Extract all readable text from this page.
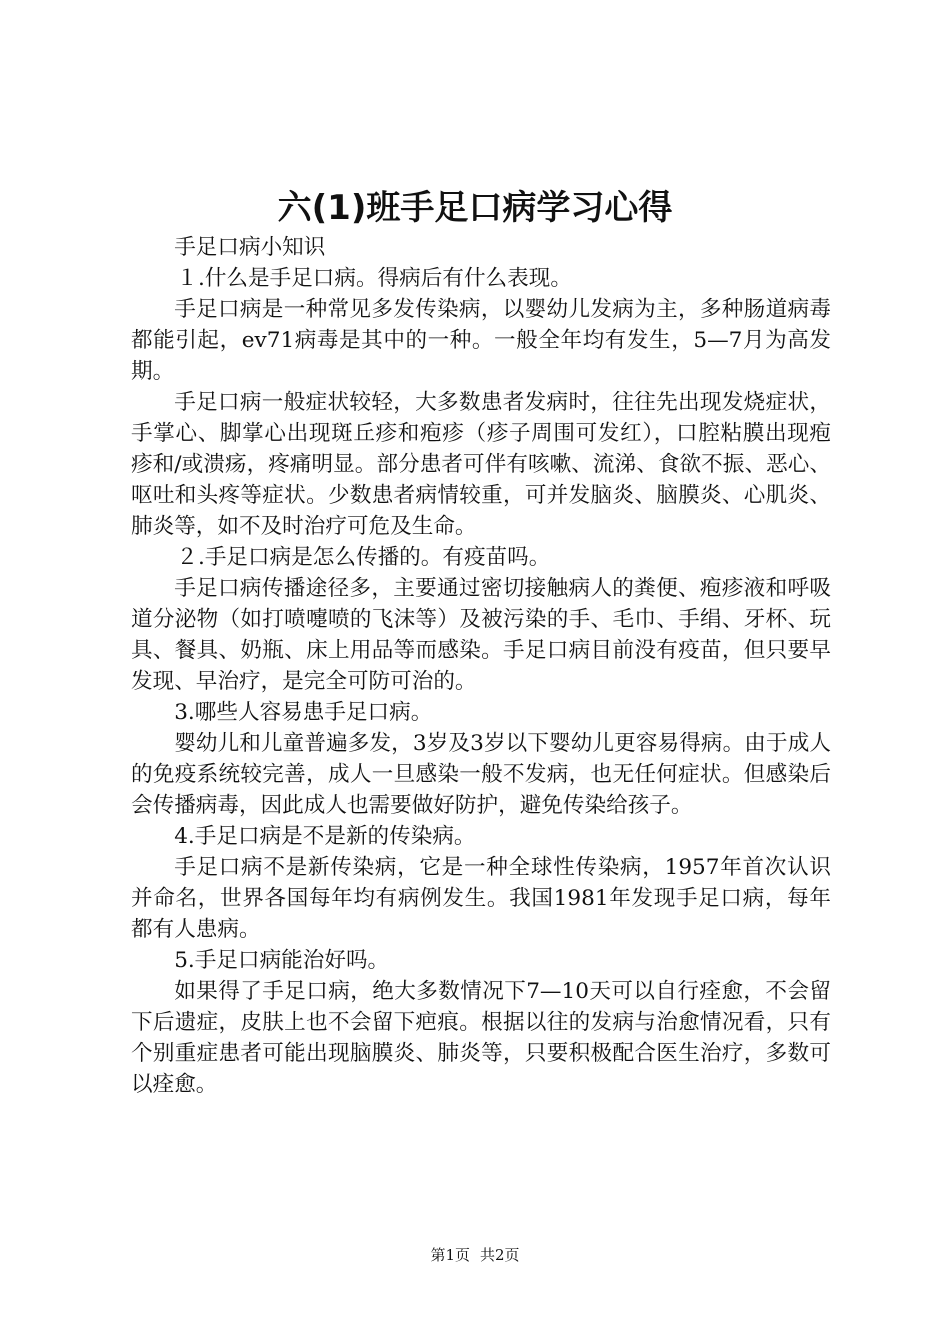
六(1)班手足口病学习心得

手足口病小知识

１.什么是手足口病。得病后有什么表现。

手足口病是一种常见多发传染病，以婴幼儿发病为主，多种肠道病毒都能引起，ev71病毒是其中的一种。一般全年均有发生，5—7月为高发期。

手足口病一般症状较轻，大多数患者发病时，往往先出现发烧症状，手掌心、脚掌心出现斑丘疹和疱疹（疹子周围可发红），口腔粘膜出现疱疹和/或溃疡，疼痛明显。部分患者可伴有咳嗽、流涕、食欲不振、恶心、呕吐和头疼等症状。少数患者病情较重，可并发脑炎、脑膜炎、心肌炎、肺炎等，如不及时治疗可危及生命。

２.手足口病是怎么传播的。有疫苗吗。

手足口病传播途径多，主要通过密切接触病人的粪便、疱疹液和呼吸道分泌物（如打喷嚏喷的飞沫等）及被污染的手、毛巾、手绢、牙杯、玩具、餐具、奶瓶、床上用品等而感染。手足口病目前没有疫苗，但只要早发现、早治疗，是完全可防可治的。

3.哪些人容易患手足口病。

婴幼儿和儿童普遍多发，3岁及3岁以下婴幼儿更容易得病。由于成人的免疫系统较完善，成人一旦感染一般不发病，也无任何症状。但感染后会传播病毒，因此成人也需要做好防护，避免传染给孩子。

4.手足口病是不是新的传染病。

手足口病不是新传染病，它是一种全球性传染病，1957年首次认识并命名，世界各国每年均有病例发生。我国1981年发现手足口病，每年都有人患病。

5.手足口病能治好吗。

如果得了手足口病，绝大多数情况下7—10天可以自行痊愈，不会留下后遗症，皮肤上也不会留下疤痕。根据以往的发病与治愈情况看，只有个别重症患者可能出现脑膜炎、肺炎等，只要积极配合医生治疗，多数可以痊愈。

第1页 共2页
